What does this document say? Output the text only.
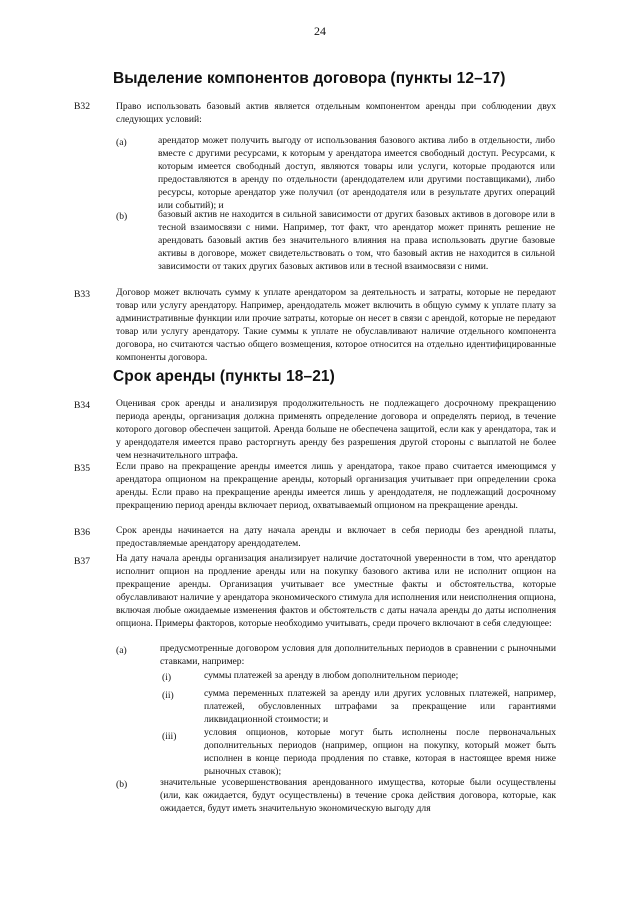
24
Выделение компонентов договора (пункты 12–17)
B32	Право использовать базовый актив является отдельным компонентом аренды при соблюдении двух следующих условий:
(a)	арендатор может получить выгоду от использования базового актива либо в отдельности, либо вместе с другими ресурсами, к которым у арендатора имеется свободный доступ. Ресурсами, к которым имеется свободный доступ, являются товары или услуги, которые продаются или предоставляются в аренду по отдельности (арендодателем или другими поставщиками), либо ресурсы, которые арендатор уже получил (от арендодателя или в результате других операций или событий); и
(b)	базовый актив не находится в сильной зависимости от других базовых активов в договоре или в тесной взаимосвязи с ними. Например, тот факт, что арендатор может принять решение не арендовать базовый актив без значительного влияния на права использовать другие базовые активы в договоре, может свидетельствовать о том, что базовый актив не находится в сильной зависимости от таких других базовых активов или в тесной взаимосвязи с ними.
B33	Договор может включать сумму к уплате арендатором за деятельность и затраты, которые не передают товар или услугу арендатору. Например, арендодатель может включить в общую сумму к уплате плату за административные функции или прочие затраты, которые он несет в связи с арендой, которые не передают товар или услугу арендатору. Такие суммы к уплате не обуславливают наличие отдельного компонента договора, но считаются частью общего возмещения, которое относится на отдельно идентифицированные компоненты договора.
Срок аренды (пункты 18–21)
B34	Оценивая срок аренды и анализируя продолжительность не подлежащего досрочному прекращению периода аренды, организация должна применять определение договора и определять период, в течение которого договор обеспечен защитой. Аренда больше не обеспечена защитой, если как у арендатора, так и у арендодателя имеется право расторгнуть аренду без разрешения другой стороны с выплатой не более чем незначительного штрафа.
B35	Если право на прекращение аренды имеется лишь у арендатора, такое право считается имеющимся у арендатора опционом на прекращение аренды, который организация учитывает при определении срока аренды. Если право на прекращение аренды имеется лишь у арендодателя, не подлежащий досрочному прекращению период аренды включает период, охватываемый опционом на прекращение аренды.
B36	Срок аренды начинается на дату начала аренды и включает в себя периоды без арендной платы, предоставляемые арендатору арендодателем.
B37	На дату начала аренды организация анализирует наличие достаточной уверенности в том, что арендатор исполнит опцион на продление аренды или на покупку базового актива или не исполнит опцион на прекращение аренды. Организация учитывает все уместные факты и обстоятельства, которые обуславливают наличие у арендатора экономического стимула для исполнения или неисполнения опциона, включая любые ожидаемые изменения фактов и обстоятельств с даты начала аренды до даты исполнения опциона. Примеры факторов, которые необходимо учитывать, среди прочего включают в себя следующее:
(a)	предусмотренные договором условия для дополнительных периодов в сравнении с рыночными ставками, например:
(i)	суммы платежей за аренду в любом дополнительном периоде;
(ii)	сумма переменных платежей за аренду или других условных платежей, например, платежей, обусловленных штрафами за прекращение или гарантиями ликвидационной стоимости; и
(iii)	условия опционов, которые могут быть исполнены после первоначальных дополнительных периодов (например, опцион на покупку, который может быть исполнен в конце периода продления по ставке, которая в настоящее время ниже рыночных ставок);
(b)	значительные усовершенствования арендованного имущества, которые были осуществлены (или, как ожидается, будут осуществлены) в течение срока действия договора, которые, как ожидается, будут иметь значительную экономическую выгоду для
